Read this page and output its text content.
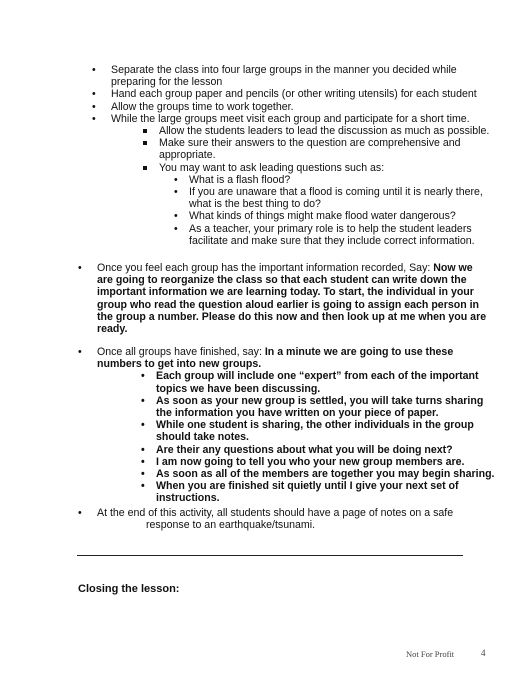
• Separate the class into four large groups in the manner you decided while preparing for the lesson
• Hand each group paper and pencils (or other writing utensils) for each student
• Allow the groups time to work together.
• While the large groups meet visit each group and participate for a short time.
Allow the students leaders to lead the discussion as much as possible.
Make sure their answers to the question are comprehensive and appropriate.
You may want to ask leading questions such as:
• What is a flash flood?
• If you are unaware that a flood is coming until it is nearly there, what is the best thing to do?
• What kinds of things might make flood water dangerous?
• As a teacher, your primary role is to help the student leaders facilitate and make sure that they include correct information.
• Once you feel each group has the important information recorded, Say: Now we are going to reorganize the class so that each student can write down the important information we are learning today. To start, the individual in your group who read the question aloud earlier is going to assign each person in the group a number. Please do this now and then look up at me when you are ready.
• Once all groups have finished, say: In a minute we are going to use these numbers to get into new groups.
• Each group will include one “expert” from each of the important topics we have been discussing.
• As soon as your new group is settled, you will take turns sharing the information you have written on your piece of paper.
• While one student is sharing, the other individuals in the group should take notes.
• Are their any questions about what you will be doing next?
• I am now going to tell you who your new group members are.
• As soon as all of the members are together you may begin sharing.
• When you are finished sit quietly until I give your next set of instructions.
• At the end of this activity, all students should have a page of notes on a safe
response to an earthquake/tsunami.
Closing the lesson:
Not For Profit	4
